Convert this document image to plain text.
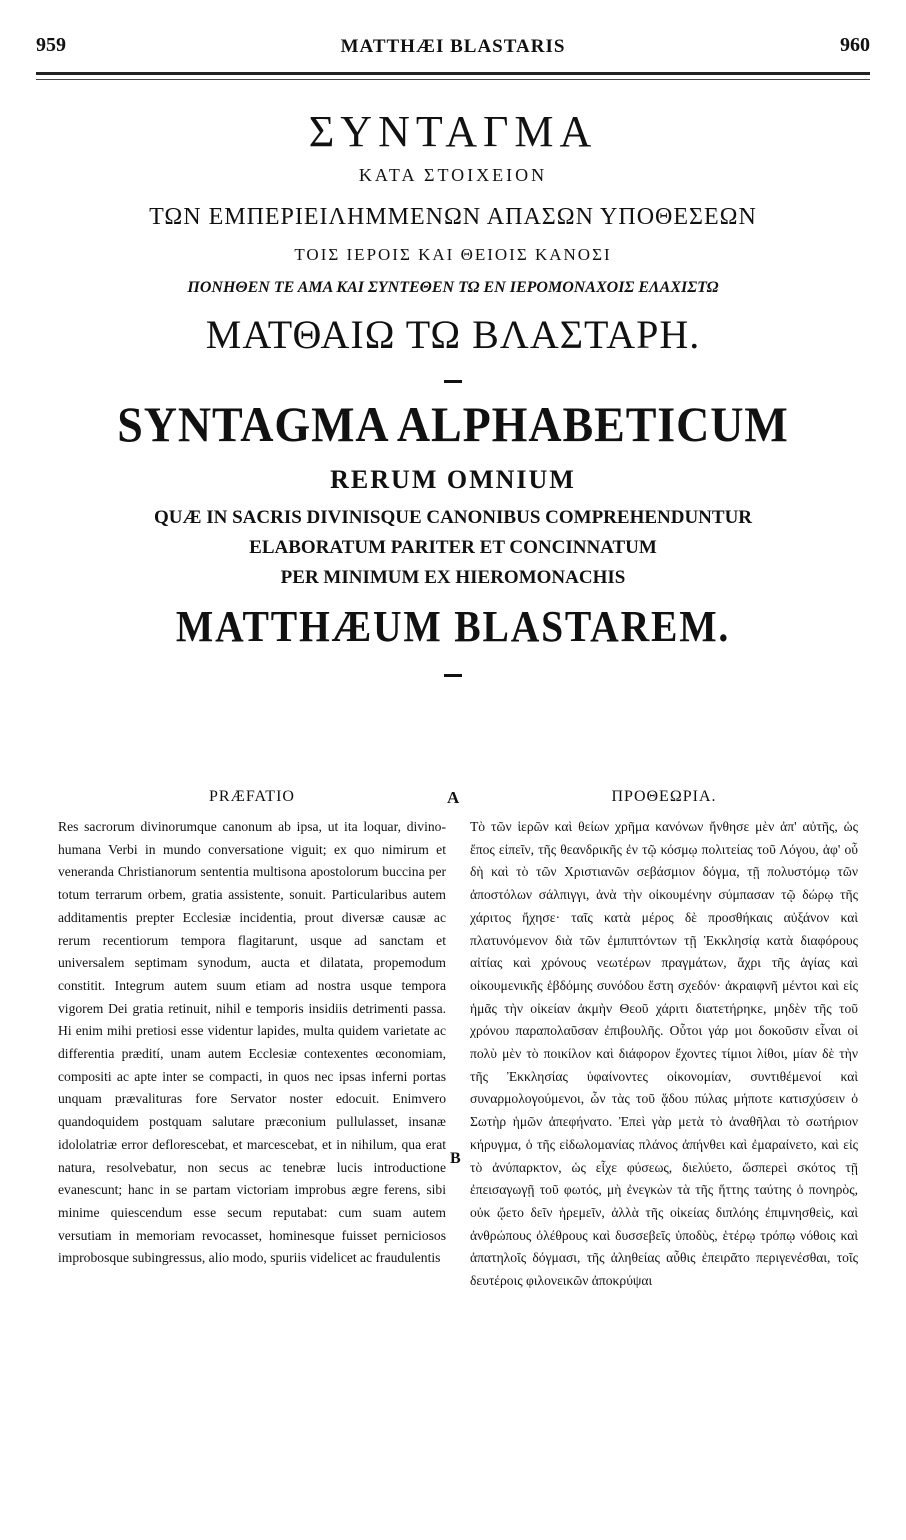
959	MATTHÆI BLASTARIS	960
ΣΥΝΤΑΓΜΑ
ΚΑΤΑ ΣΤΟΙΧΕΙΟΝ
ΤΩΝ ΕΜΠΕΡΙΕΙΛΗΜΜΕΝΩΝ ΑΠΑΣΩΝ ΥΠΟΘΕΣΕΩΝ
ΤΟΙΣ ΙΕΡΟΙΣ ΚΑΙ ΘΕΙΟΙΣ ΚΑΝΟΣΙ
ΠΟΝΗΘΕΝ ΤΕ ΑΜΑ ΚΑΙ ΣΥΝΤΕΘΕΝ ΤΩ ΕΝ ΙΕΡΟΜΟΝΑΧΟΙΣ ΕΛΑΧΙΣΤΩ
ΜΑΤΘΑΙΩ ΤΩ ΒΛΑΣΤΑΡΗ.
SYNTAGMA ALPHABETICUM
RERUM OMNIUM
QUÆ IN SACRIS DIVINISQUE CANONIBUS COMPREHENDUNTUR
ELABORATUM PARITER ET CONCINNATUM
PER MINIMUM EX HIEROMONACHIS
MATTHÆUM BLASTAREM.
A
B
PRÆFATIO

Res sacrorum divinorumque canonum ab ipsa, ut ita loquar, divino-humana Verbi in mundo conversatione viguit; ex quo nimirum et veneranda Christianorum sententia multisona apostolorum buccina per totum terrarum orbem, gratia assistente, sonuit. Particularibus autem additamentis prepter Ecclesiæ incidentia, prout diversæ causæ ac rerum recentiorum tempora flagitarunt, usque ad sanctam et universalem septimam synodum, aucta et dilatata, propemodum constitit. Integrum autem suum etiam ad nostra usque tempora vigorem Dei gratia retinuit, nihil e temporis insidiis detrimenti passa. Hi enim mihi pretiosi esse videntur lapides, multa quidem varietate ac differentia prædití, unam autem Ecclesiæ contexentes œconomiam, compositi ac apte inter se compacti, in quos nec ipsas inferni portas unquam prævalituras fore Servator noster edocuit. Enimvero quandoquidem postquam salutare præconium pullulasset, insanæ idololatriæ error deflorescebat, et marcescebat, et in nihilum, qua erat natura, resolvebatur, non secus ac tenebræ lucis introductione evanescunt; hanc in se partam victoriam improbus ægre ferens, sibi minime quiescendum esse secum reputabat: cum suam autem versutiam in memoriam revocasset, hominesque fuisset perniciosos improbosque subingressus, alio modo, spuriis videlicet ac fraudulentis

ΠΡΟΘΕΩΡΙΑ.

Τὸ τῶν ἱερῶν καὶ θείων χρῆμα κανόνων ἤνθησε μὲν ἀπ' αὐτῆς, ὡς ἔπος εἰπεῖν, τῆς θεανδρικῆς ἐν τῷ κόσμῳ πολιτείας τοῦ Λόγου, ἀφ' οὗ δὴ καὶ τὸ τῶν Χριστιανῶν σεβάσμιον δόγμα, τῇ πολυστόμῳ τῶν ἀποστόλων σάλπιγγι, ἀνὰ τὴν οἰκουμένην σύμπασαν τῷ δώρῳ τῆς χάριτος ἤχησε· ταῖς κατὰ μέρος δὲ προσθήκαις αὐξάνον καὶ πλατυνόμενον διὰ τῶν ἐμπιπτόντων τῇ Ἐκκλησίᾳ κατὰ διαφόρους αἰτίας καὶ χρόνους νεωτέρων πραγμάτων, ἄχρι τῆς ἁγίας καὶ οἰκουμενικῆς ἑβδόμης συνόδου ἔστη σχεδόν· ἀκραιφνῆ μέντοι καὶ εἰς ἡμᾶς τὴν οἰκείαν ἀκμὴν Θεοῦ χάριτι διατετήρηκε, μηδὲν τῆς τοῦ χρόνου παραπολαῦσαν ἐπιβουλῆς. Οὗτοι γάρ μοι δοκοῦσιν εἶναι οἱ πολὺ μὲν τὸ ποικίλον καὶ διάφορον ἔχοντες τίμιοι λίθοι, μίαν δὲ τὴν τῆς Ἐκκλησίας ὑφαίνοντες οἰκονομίαν, συντιθέμενοί καὶ συναρμολογούμενοι, ὧν τὰς τοῦ ᾅδου πύλας μήποτε κατισχύσειν ὁ Σωτὴρ ἡμῶν ἀπεφήνατο. Ἐπεὶ γὰρ μετὰ τὸ ἀναθῆλαι τὸ σωτήριον κήρυγμα, ὁ τῆς εἰδωλομανίας πλάνος ἀπήνθει καὶ ἐμαραίνετο, καὶ εἰς τὸ ἀνύπαρκτον, ὡς εἶχε φύσεως, διελύετο, ὥσπερεὶ σκότος τῇ ἐπεισαγωγῇ τοῦ φωτός, μὴ ἐνεγκὼν τὰ τῆς ἥττης ταύτης ὁ πονηρὸς, οὐκ ᾤετο δεῖν ἠρεμεῖν, ἀλλὰ τῆς οἰκείας διπλόης ἐπιμνησθεὶς, καὶ ἀνθρώπους ὀλέθρους καὶ δυσσεβεῖς ὑποδὺς, ἑτέρῳ τρόπῳ νόθοις καὶ ἀπατηλοῖς δόγμασι, τῆς ἀληθείας αὖθις ἐπειρᾶτο περιγενέσθαι, τοῖς δευτέροις φιλονεικῶν ἀποκρύψαι
